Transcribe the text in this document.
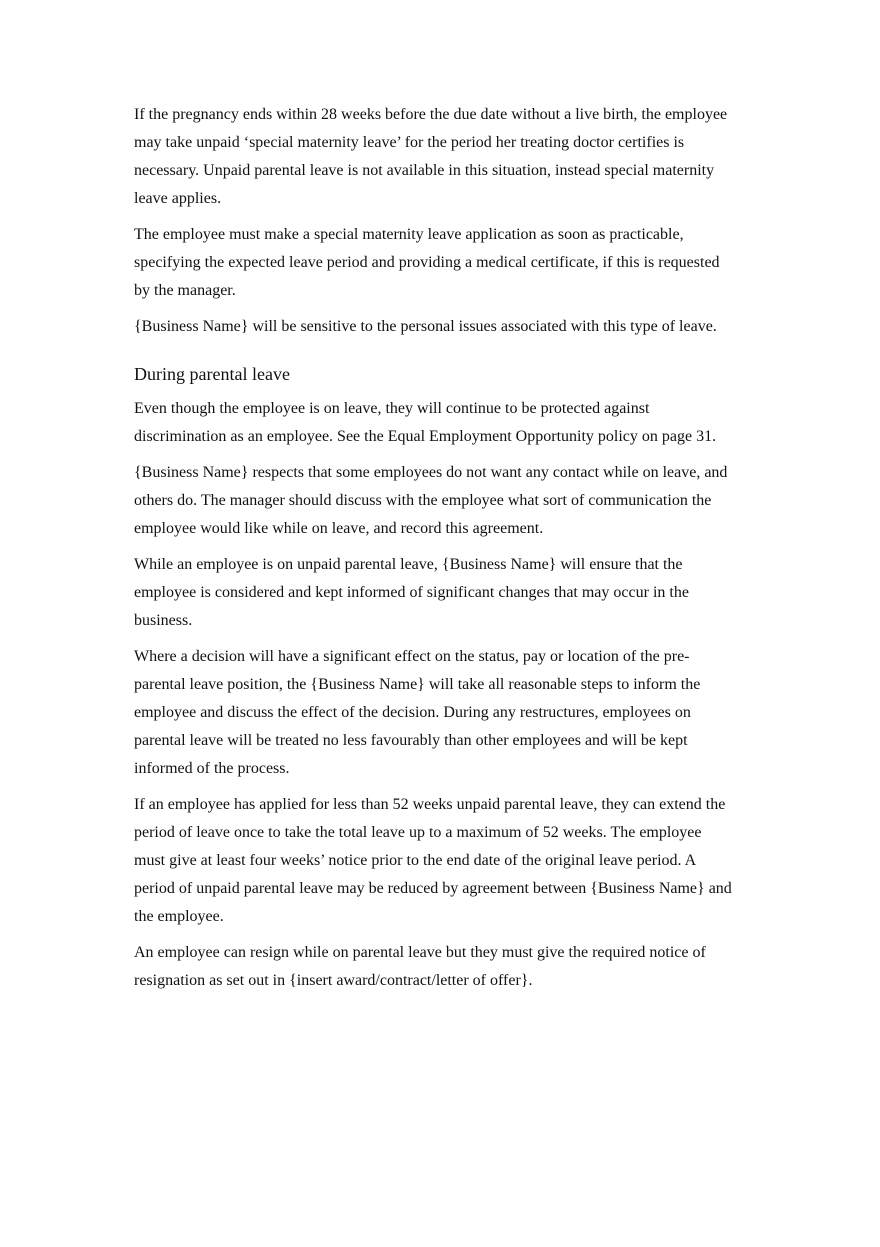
If the pregnancy ends within 28 weeks before the due date without a live birth, the employee may take unpaid ‘special maternity leave’ for the period her treating doctor certifies is necessary. Unpaid parental leave is not available in this situation, instead special maternity leave applies.

The employee must make a special maternity leave application as soon as practicable, specifying the expected leave period and providing a medical certificate, if this is requested by the manager.

{Business Name} will be sensitive to the personal issues associated with this type of leave.

During parental leave

Even though the employee is on leave, they will continue to be protected against discrimination as an employee. See the Equal Employment Opportunity policy on page 31.

{Business Name} respects that some employees do not want any contact while on leave, and others do. The manager should discuss with the employee what sort of communication the employee would like while on leave, and record this agreement.

While an employee is on unpaid parental leave, {Business Name} will ensure that the employee is considered and kept informed of significant changes that may occur in the business.

Where a decision will have a significant effect on the status, pay or location of the pre-parental leave position, the {Business Name} will take all reasonable steps to inform the employee and discuss the effect of the decision. During any restructures, employees on parental leave will be treated no less favourably than other employees and will be kept informed of the process.

If an employee has applied for less than 52 weeks unpaid parental leave, they can extend the period of leave once to take the total leave up to a maximum of 52 weeks. The employee must give at least four weeks’ notice prior to the end date of the original leave period. A period of unpaid parental leave may be reduced by agreement between {Business Name} and the employee.

An employee can resign while on parental leave but they must give the required notice of resignation as set out in {insert award/contract/letter of offer}.
